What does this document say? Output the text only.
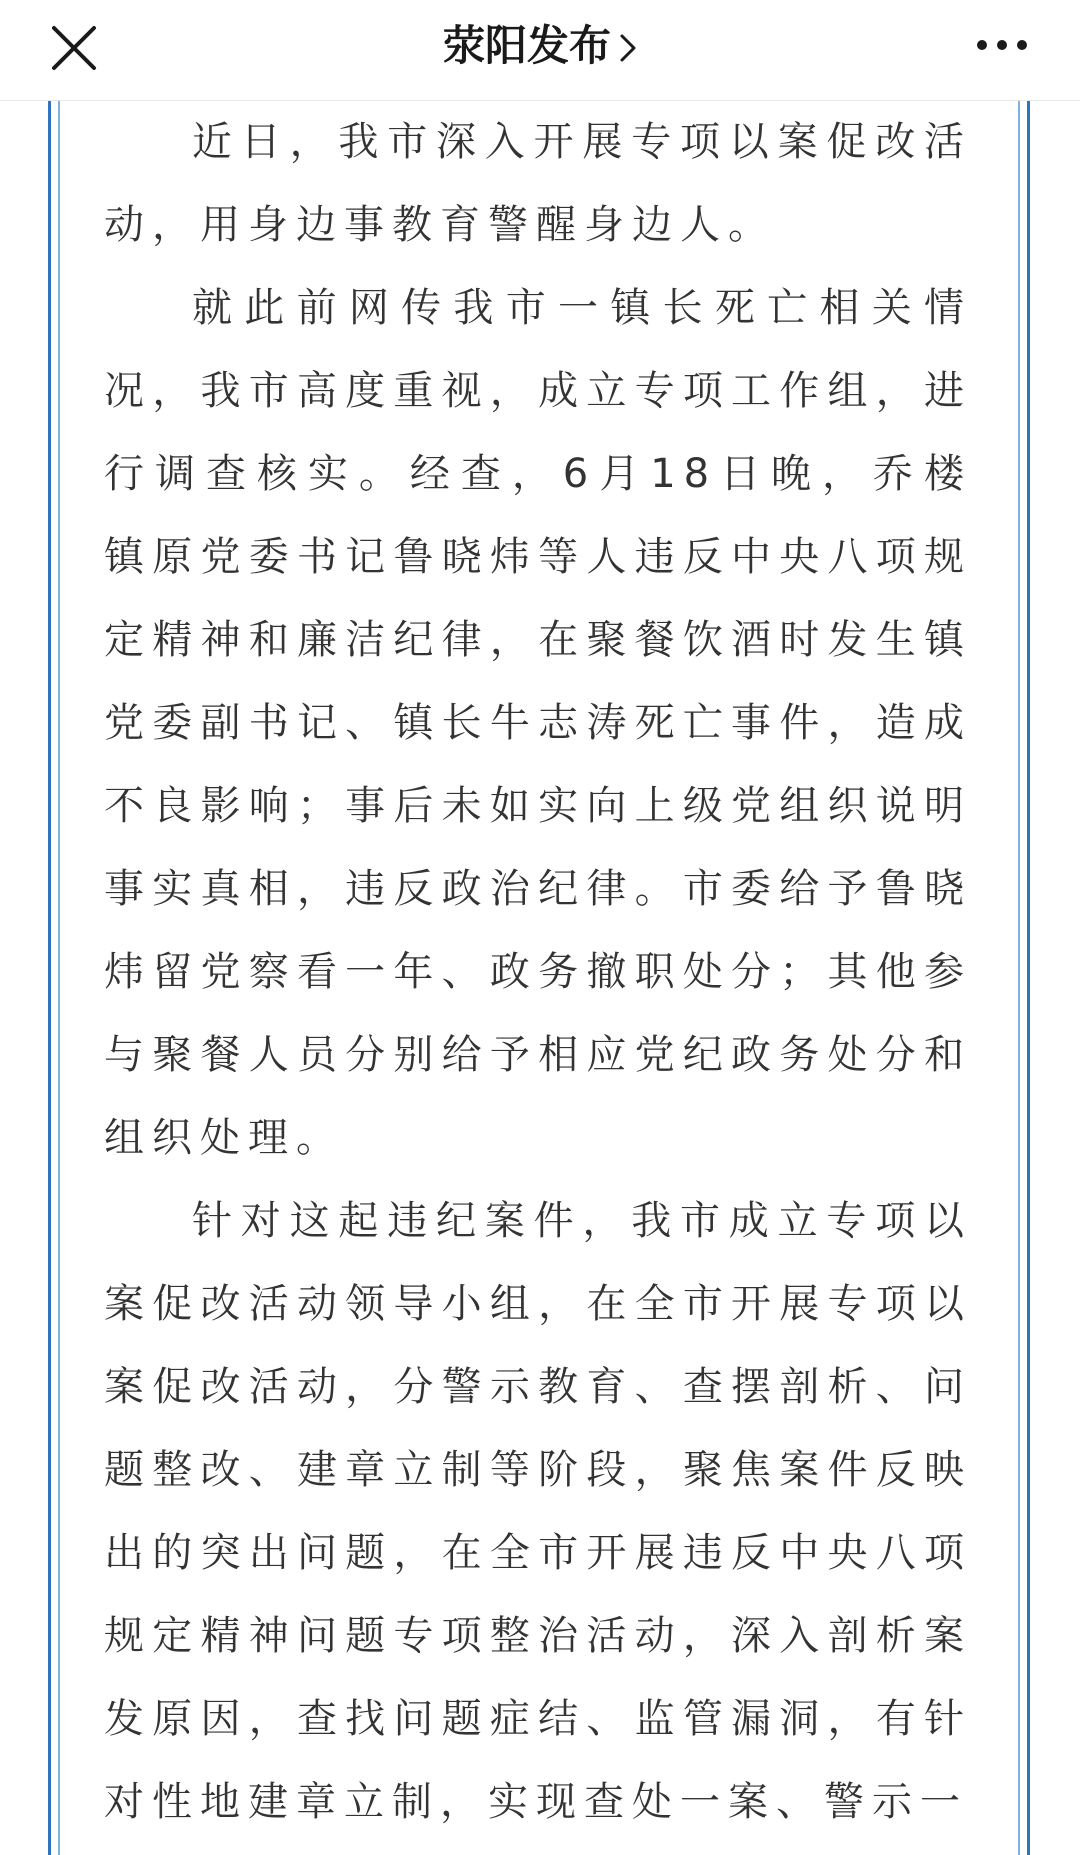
荥阳发布

近日，我市深入开展专项以案促改活动，用身边事教育警醒身边人。

就此前网传我市一镇长死亡相关情况，我市高度重视，成立专项工作组，进行调查核实。经查，6月18日晚，乔楼镇原党委书记鲁晓炜等人违反中央八项规定精神和廉洁纪律，在聚餐饮酒时发生镇党委副书记、镇长牛志涛死亡事件，造成不良影响；事后未如实向上级党组织说明事实真相，违反政治纪律。市委给予鲁晓炜留党察看一年、政务撤职处分；其他参与聚餐人员分别给予相应党纪政务处分和组织处理。

针对这起违纪案件，我市成立专项以案促改活动领导小组，在全市开展专项以案促改活动，分警示教育、查摆剖析、问题整改、建章立制等阶段，聚焦案件反映出的突出问题，在全市开展违反中央八项规定精神问题专项整治活动，深入剖析案发原因，查找问题症结、监管漏洞，有针对性地建章立制，实现查处一案、警示一
